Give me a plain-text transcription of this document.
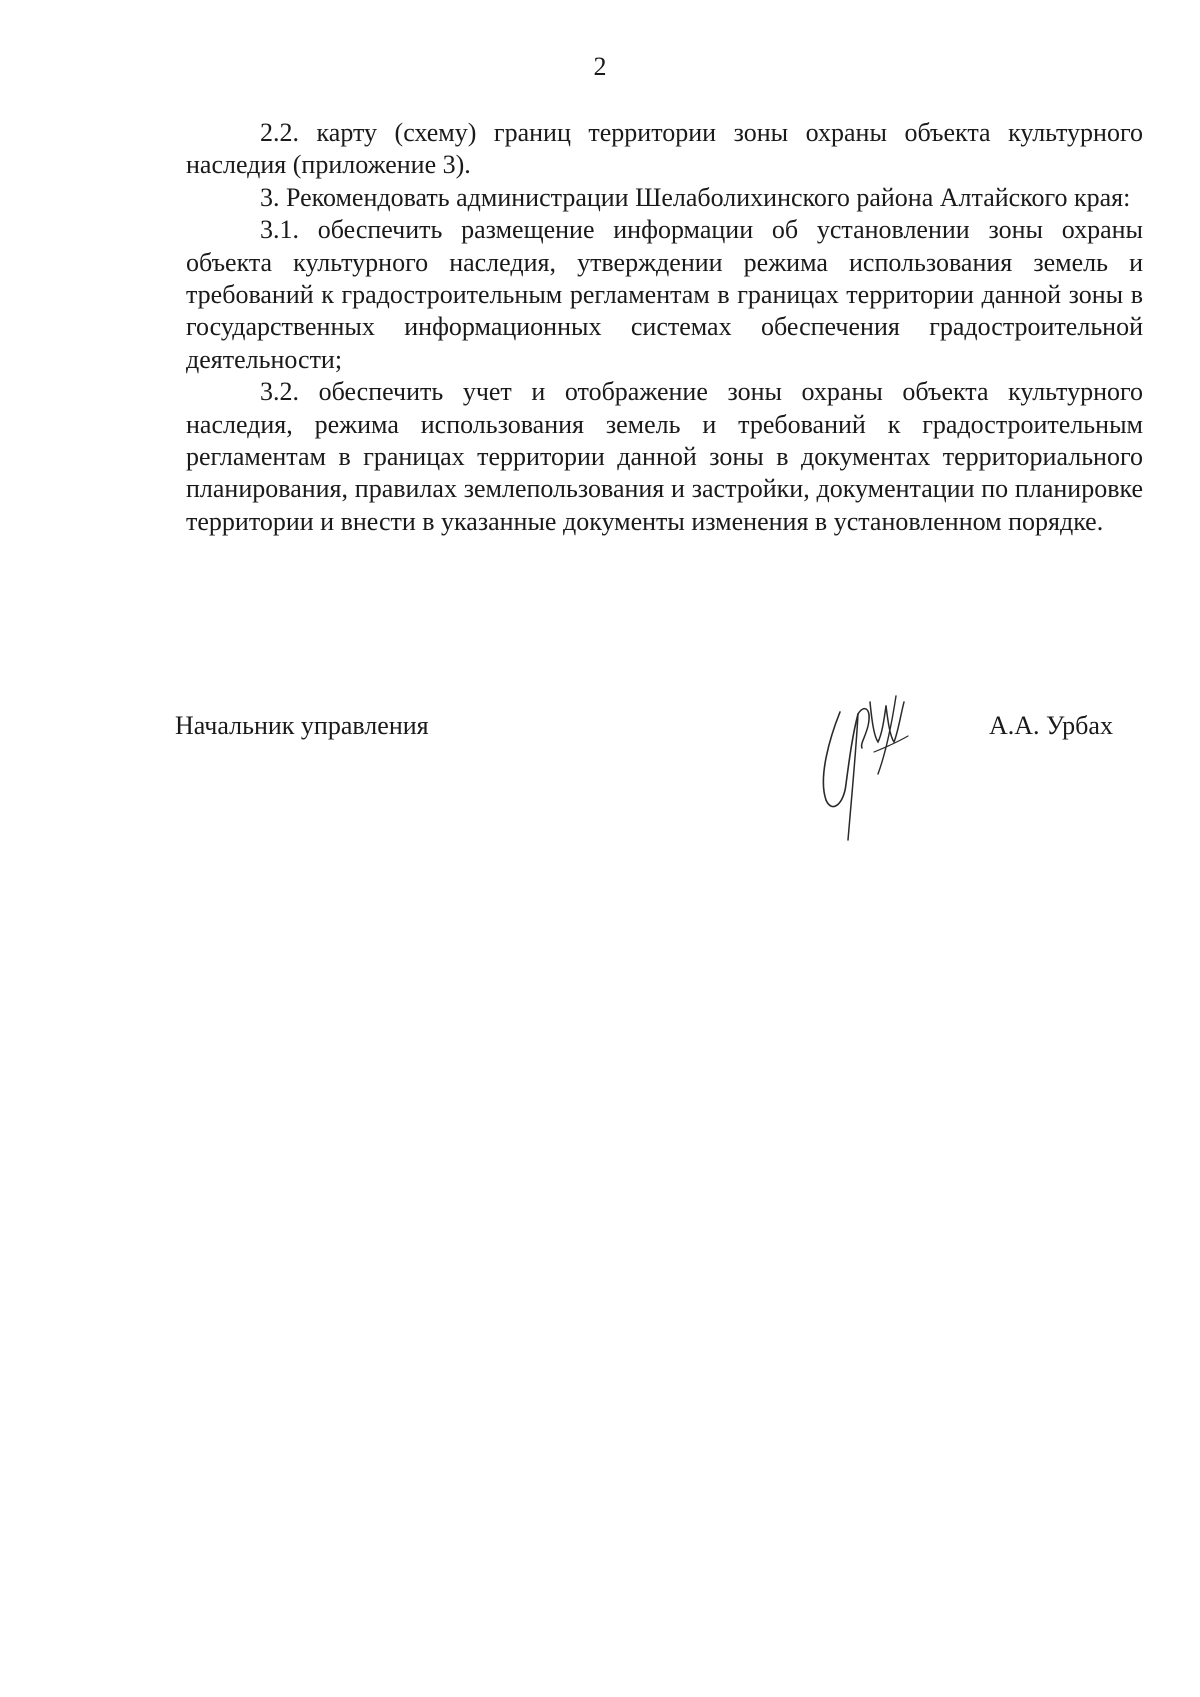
2

2.2. карту (схему) границ территории зоны охраны объекта культурного наследия (приложение 3).

3. Рекомендовать администрации Шелаболихинского района Алтайского края:

3.1. обеспечить размещение информации об установлении зоны охраны объекта культурного наследия, утверждении режима использования земель и требований к градостроительным регламентам в границах территории данной зоны в государственных информационных системах обеспечения градостроительной деятельности;

3.2. обеспечить учет и отображение зоны охраны объекта культурного наследия, режима использования земель и требований к градостроительным регламентам в границах территории данной зоны в документах территориального планирования, правилах землепользования и застройки, документации по планировке территории и внести в указанные документы изменения в установленном порядке.

Начальник управления	А.А. Урбах
